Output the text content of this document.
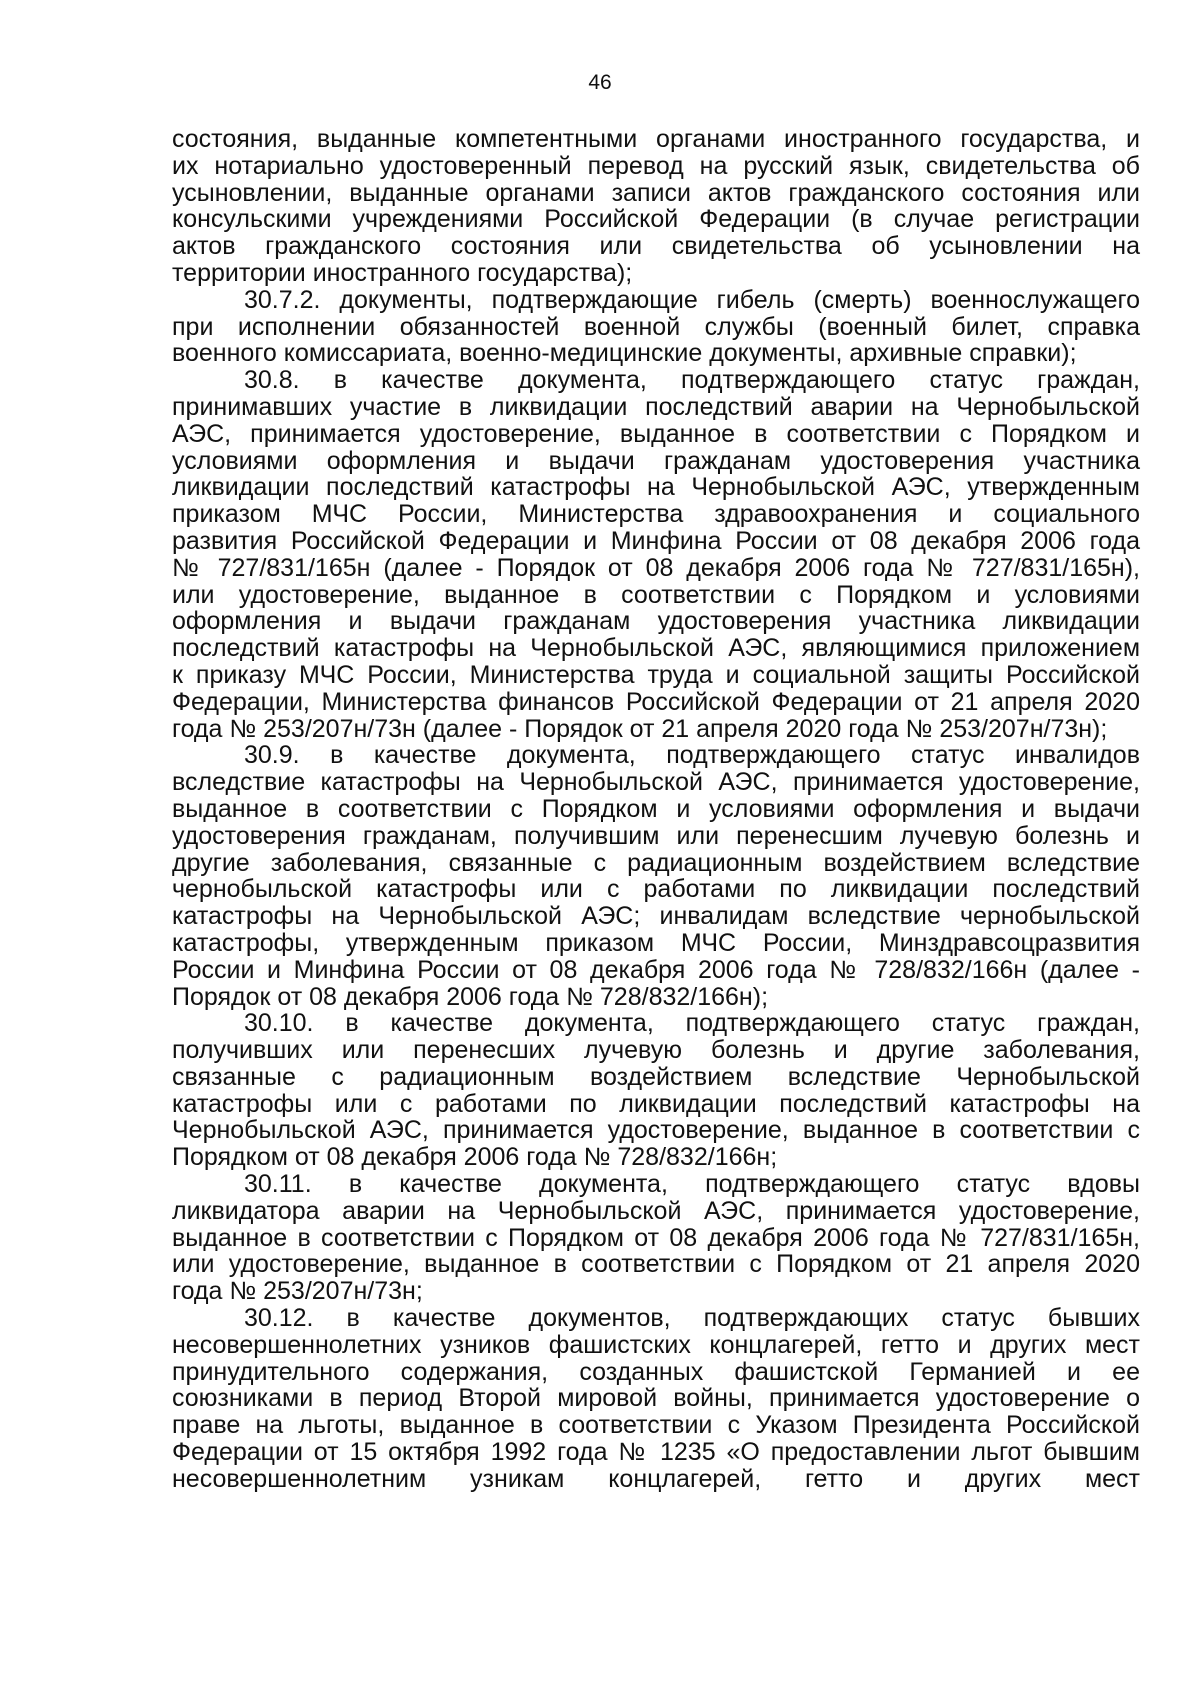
46

состояния, выданные компетентными органами иностранного государства, и

их нотариально удостоверенный перевод на русский язык, свидетельства об

усыновлении, выданные органами записи актов гражданского состояния или

консульскими учреждениями Российской Федерации (в случае регистрации

актов гражданского состояния или свидетельства об усыновлении на

территории иностранного государства);

30.7.2. документы, подтверждающие гибель (смерть) военнослужащего

при исполнении обязанностей военной службы (военный билет, справка

военного комиссариата, военно-медицинские документы, архивные справки);

30.8. в качестве документа, подтверждающего статус граждан,

принимавших участие в ликвидации последствий аварии на Чернобыльской

АЭС, принимается удостоверение, выданное в соответствии с Порядком и

условиями оформления и выдачи гражданам удостоверения участника

ликвидации последствий катастрофы на Чернобыльской АЭС, утвержденным

приказом МЧС России, Министерства здравоохранения и социального

развития Российской Федерации и Минфина России от 08 декабря 2006 года

№ 727/831/165н (далее - Порядок от 08 декабря 2006 года № 727/831/165н),

или удостоверение, выданное в соответствии с Порядком и условиями

оформления и выдачи гражданам удостоверения участника ликвидации

последствий катастрофы на Чернобыльской АЭС, являющимися приложением

к приказу МЧС России, Министерства труда и социальной защиты Российской

Федерации, Министерства финансов Российской Федерации от 21 апреля 2020

года № 253/207н/73н (далее - Порядок от 21 апреля 2020 года № 253/207н/73н);

30.9. в качестве документа, подтверждающего статус инвалидов

вследствие катастрофы на Чернобыльской АЭС, принимается удостоверение,

выданное в соответствии с Порядком и условиями оформления и выдачи

удостоверения гражданам, получившим или перенесшим лучевую болезнь и

другие заболевания, связанные с радиационным воздействием вследствие

чернобыльской катастрофы или с работами по ликвидации последствий

катастрофы на Чернобыльской АЭС; инвалидам вследствие чернобыльской

катастрофы, утвержденным приказом МЧС России, Минздравсоцразвития

России и Минфина России от 08 декабря 2006 года № 728/832/166н (далее -

Порядок от 08 декабря 2006 года № 728/832/166н);

30.10. в качестве документа, подтверждающего статус граждан,

получивших или перенесших лучевую болезнь и другие заболевания,

связанные с радиационным воздействием вследствие Чернобыльской

катастрофы или с работами по ликвидации последствий катастрофы на

Чернобыльской АЭС, принимается удостоверение, выданное в соответствии с

Порядком от 08 декабря 2006 года № 728/832/166н;

30.11. в качестве документа, подтверждающего статус вдовы

ликвидатора аварии на Чернобыльской АЭС, принимается удостоверение,

выданное в соответствии с Порядком от 08 декабря 2006 года № 727/831/165н,

или удостоверение, выданное в соответствии с Порядком от 21 апреля 2020

года № 253/207н/73н;

30.12. в качестве документов, подтверждающих статус бывших

несовершеннолетних узников фашистских концлагерей, гетто и других мест

принудительного содержания, созданных фашистской Германией и ее

союзниками в период Второй мировой войны, принимается удостоверение о

праве на льготы, выданное в соответствии с Указом Президента Российской

Федерации от 15 октября 1992 года № 1235 «О предоставлении льгот бывшим

несовершеннолетним узникам концлагерей, гетто и других мест
